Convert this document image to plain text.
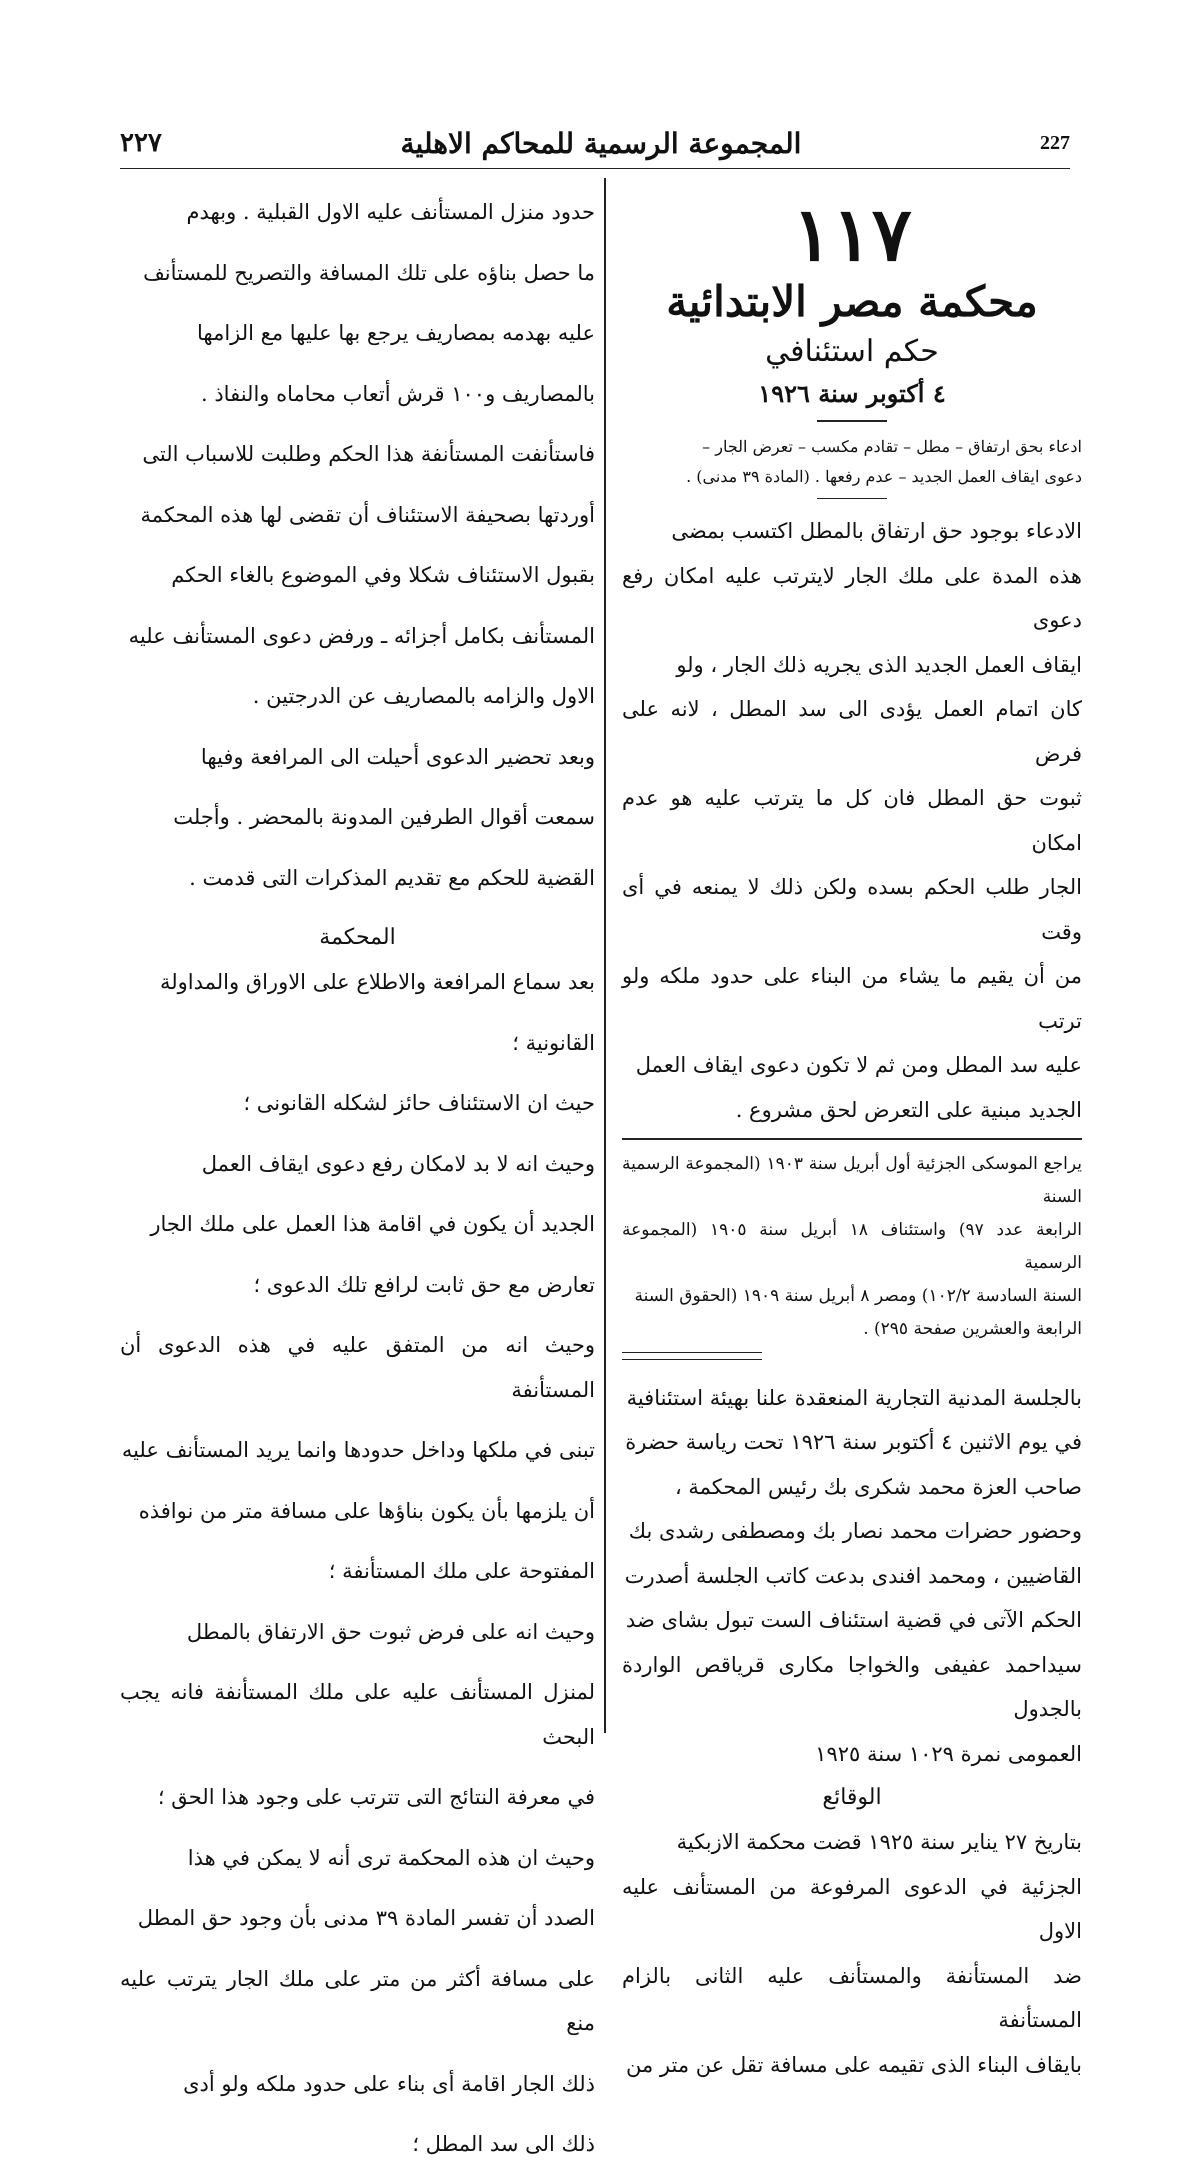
٢٢٧	المجموعة الرسمية للمحاكم الاهلية	227
١١٧
محكمة مصر الابتدائية
حكم استئنافي
٤ أكتوبر سنة ١٩٢٦

ادعاء بحق ارتفاق – مطل – تقادم مكسب – تعرض الجار –

دعوى ايقاف العمل الجديد – عدم رفعها . (المادة ٣٩ مدنى) .

الادعاء بوجود حق ارتفاق بالمطل اكتسب بمضى

هذه المدة على ملك الجار لايترتب عليه امكان رفع دعوى

ايقاف العمل الجديد الذى يجريه ذلك الجار ، ولو

كان اتمام العمل يؤدى الى سد المطل ، لانه على فرض

ثبوت حق المطل فان كل ما يترتب عليه هو عدم امكان

الجار طلب الحكم بسده ولكن ذلك لا يمنعه في أى وقت

من أن يقيم ما يشاء من البناء على حدود ملكه ولو ترتب

عليه سد المطل ومن ثم لا تكون دعوى ايقاف العمل

الجديد مبنية على التعرض لحق مشروع .

يراجع الموسكى الجزئية أول أبريل سنة ١٩٠٣ (المجموعة الرسمية السنة

الرابعة عدد ٩٧) واستئناف ١٨ أبريل سنة ١٩٠٥ (المجموعة الرسمية

السنة السادسة ١٠٢/٢) ومصر ٨ أبريل سنة ١٩٠٩ (الحقوق السنة

الرابعة والعشرين صفحة ٢٩٥) .

بالجلسة المدنية التجارية المنعقدة علنا بهيئة استئنافية

في يوم الاثنين ٤ أكتوبر سنة ١٩٢٦ تحت رياسة حضرة

صاحب العزة محمد شكرى بك رئيس المحكمة ،

وحضور حضرات محمد نصار بك ومصطفى رشدى بك

القاضيين ، ومحمد افندى بدعت كاتب الجلسة أصدرت

الحكم الآتى في قضية استئناف الست تبول بشاى ضد

سيداحمد عفيفى والخواجا مكارى قرياقص الواردة بالجدول

العمومى نمرة ١٠٢٩ سنة ١٩٢٥

الوقائع

بتاريخ ٢٧ يناير سنة ١٩٢٥ قضت محكمة الازبكية

الجزئية في الدعوى المرفوعة من المستأنف عليه الاول

ضد المستأنفة والمستأنف عليه الثانى بالزام المستأنفة

بايقاف البناء الذى تقيمه على مسافة تقل عن متر من

حدود منزل المستأنف عليه الاول القبلية . وبهدم

ما حصل بناؤه على تلك المسافة والتصريح للمستأنف

عليه بهدمه بمصاريف يرجع بها عليها مع الزامها

بالمصاريف و١٠٠ قرش أتعاب محاماه والنفاذ .

فاستأنفت المستأنفة هذا الحكم وطلبت للاسباب التى

أوردتها بصحيفة الاستئناف أن تقضى لها هذه المحكمة

بقبول الاستئناف شكلا وفي الموضوع بالغاء الحكم

المستأنف بكامل أجزائه ـ ورفض دعوى المستأنف عليه

الاول والزامه بالمصاريف عن الدرجتين .

وبعد تحضير الدعوى أحيلت الى المرافعة وفيها

سمعت أقوال الطرفين المدونة بالمحضر . وأجلت

القضية للحكم مع تقديم المذكرات التى قدمت .

المحكمة

بعد سماع المرافعة والاطلاع على الاوراق والمداولة

القانونية ؛

حيث ان الاستئناف حائز لشكله القانونى ؛

وحيث انه لا بد لامكان رفع دعوى ايقاف العمل

الجديد أن يكون في اقامة هذا العمل على ملك الجار

تعارض مع حق ثابت لرافع تلك الدعوى ؛

وحيث انه من المتفق عليه في هذه الدعوى أن المستأنفة

تبنى في ملكها وداخل حدودها وانما يريد المستأنف عليه

أن يلزمها بأن يكون بناؤها على مسافة متر من نوافذه

المفتوحة على ملك المستأنفة ؛

وحيث انه على فرض ثبوت حق الارتفاق بالمطل

لمنزل المستأنف عليه على ملك المستأنفة فانه يجب البحث

في معرفة النتائج التى تترتب على وجود هذا الحق ؛

وحيث ان هذه المحكمة ترى أنه لا يمكن في هذا

الصدد أن تفسر المادة ٣٩ مدنى بأن وجود حق المطل

على مسافة أكثر من متر على ملك الجار يترتب عليه منع

ذلك الجار اقامة أى بناء على حدود ملكه ولو أدى

ذلك الى سد المطل ؛
